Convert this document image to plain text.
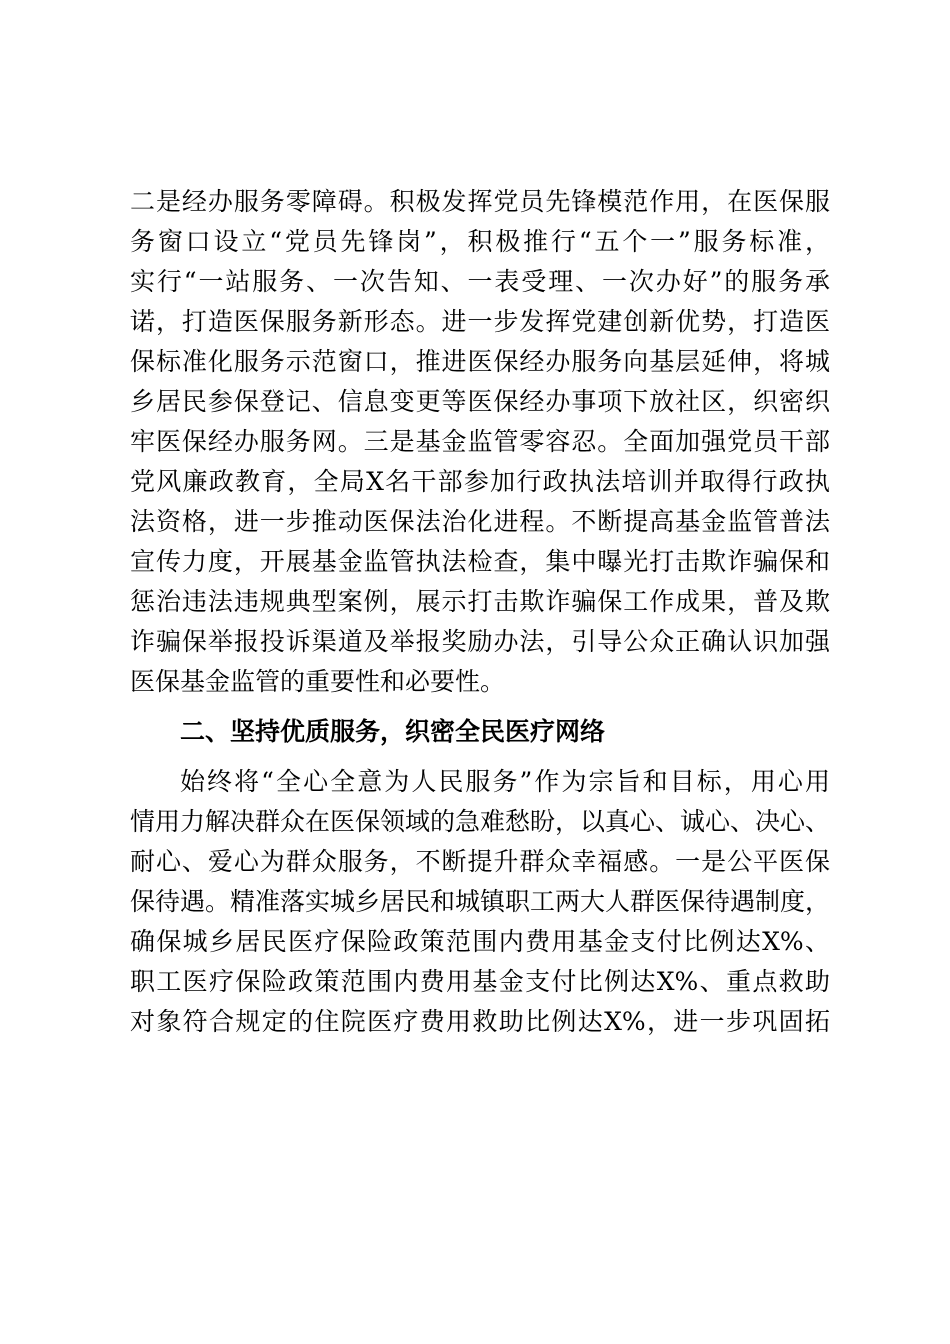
二是经办服务零障碍。积极发挥党员先锋模范作用，在医保服
务窗口设立“党员先锋岗”，积极推行“五个一”服务标准，
实行“一站服务、一次告知、一表受理、一次办好”的服务承
诺，打造医保服务新形态。进一步发挥党建创新优势，打造医
保标准化服务示范窗口，推进医保经办服务向基层延伸，将城
乡居民参保登记、信息变更等医保经办事项下放社区，织密织
牢医保经办服务网。三是基金监管零容忍。全面加强党员干部
党风廉政教育，全局X名干部参加行政执法培训并取得行政执
法资格，进一步推动医保法治化进程。不断提高基金监管普法
宣传力度，开展基金监管执法检查，集中曝光打击欺诈骗保和
惩治违法违规典型案例，展示打击欺诈骗保工作成果，普及欺
诈骗保举报投诉渠道及举报奖励办法，引导公众正确认识加强
医保基金监管的重要性和必要性。
二、坚持优质服务，织密全民医疗网络
始终将“全心全意为人民服务”作为宗旨和目标，用心用
情用力解决群众在医保领域的急难愁盼，以真心、诚心、决心、
耐心、爱心为群众服务，不断提升群众幸福感。一是公平医保
保待遇。精准落实城乡居民和城镇职工两大人群医保待遇制度，
确保城乡居民医疗保险政策范围内费用基金支付比例达X%、
职工医疗保险政策范围内费用基金支付比例达X%、重点救助
对象符合规定的住院医疗费用救助比例达X%，进一步巩固拓
